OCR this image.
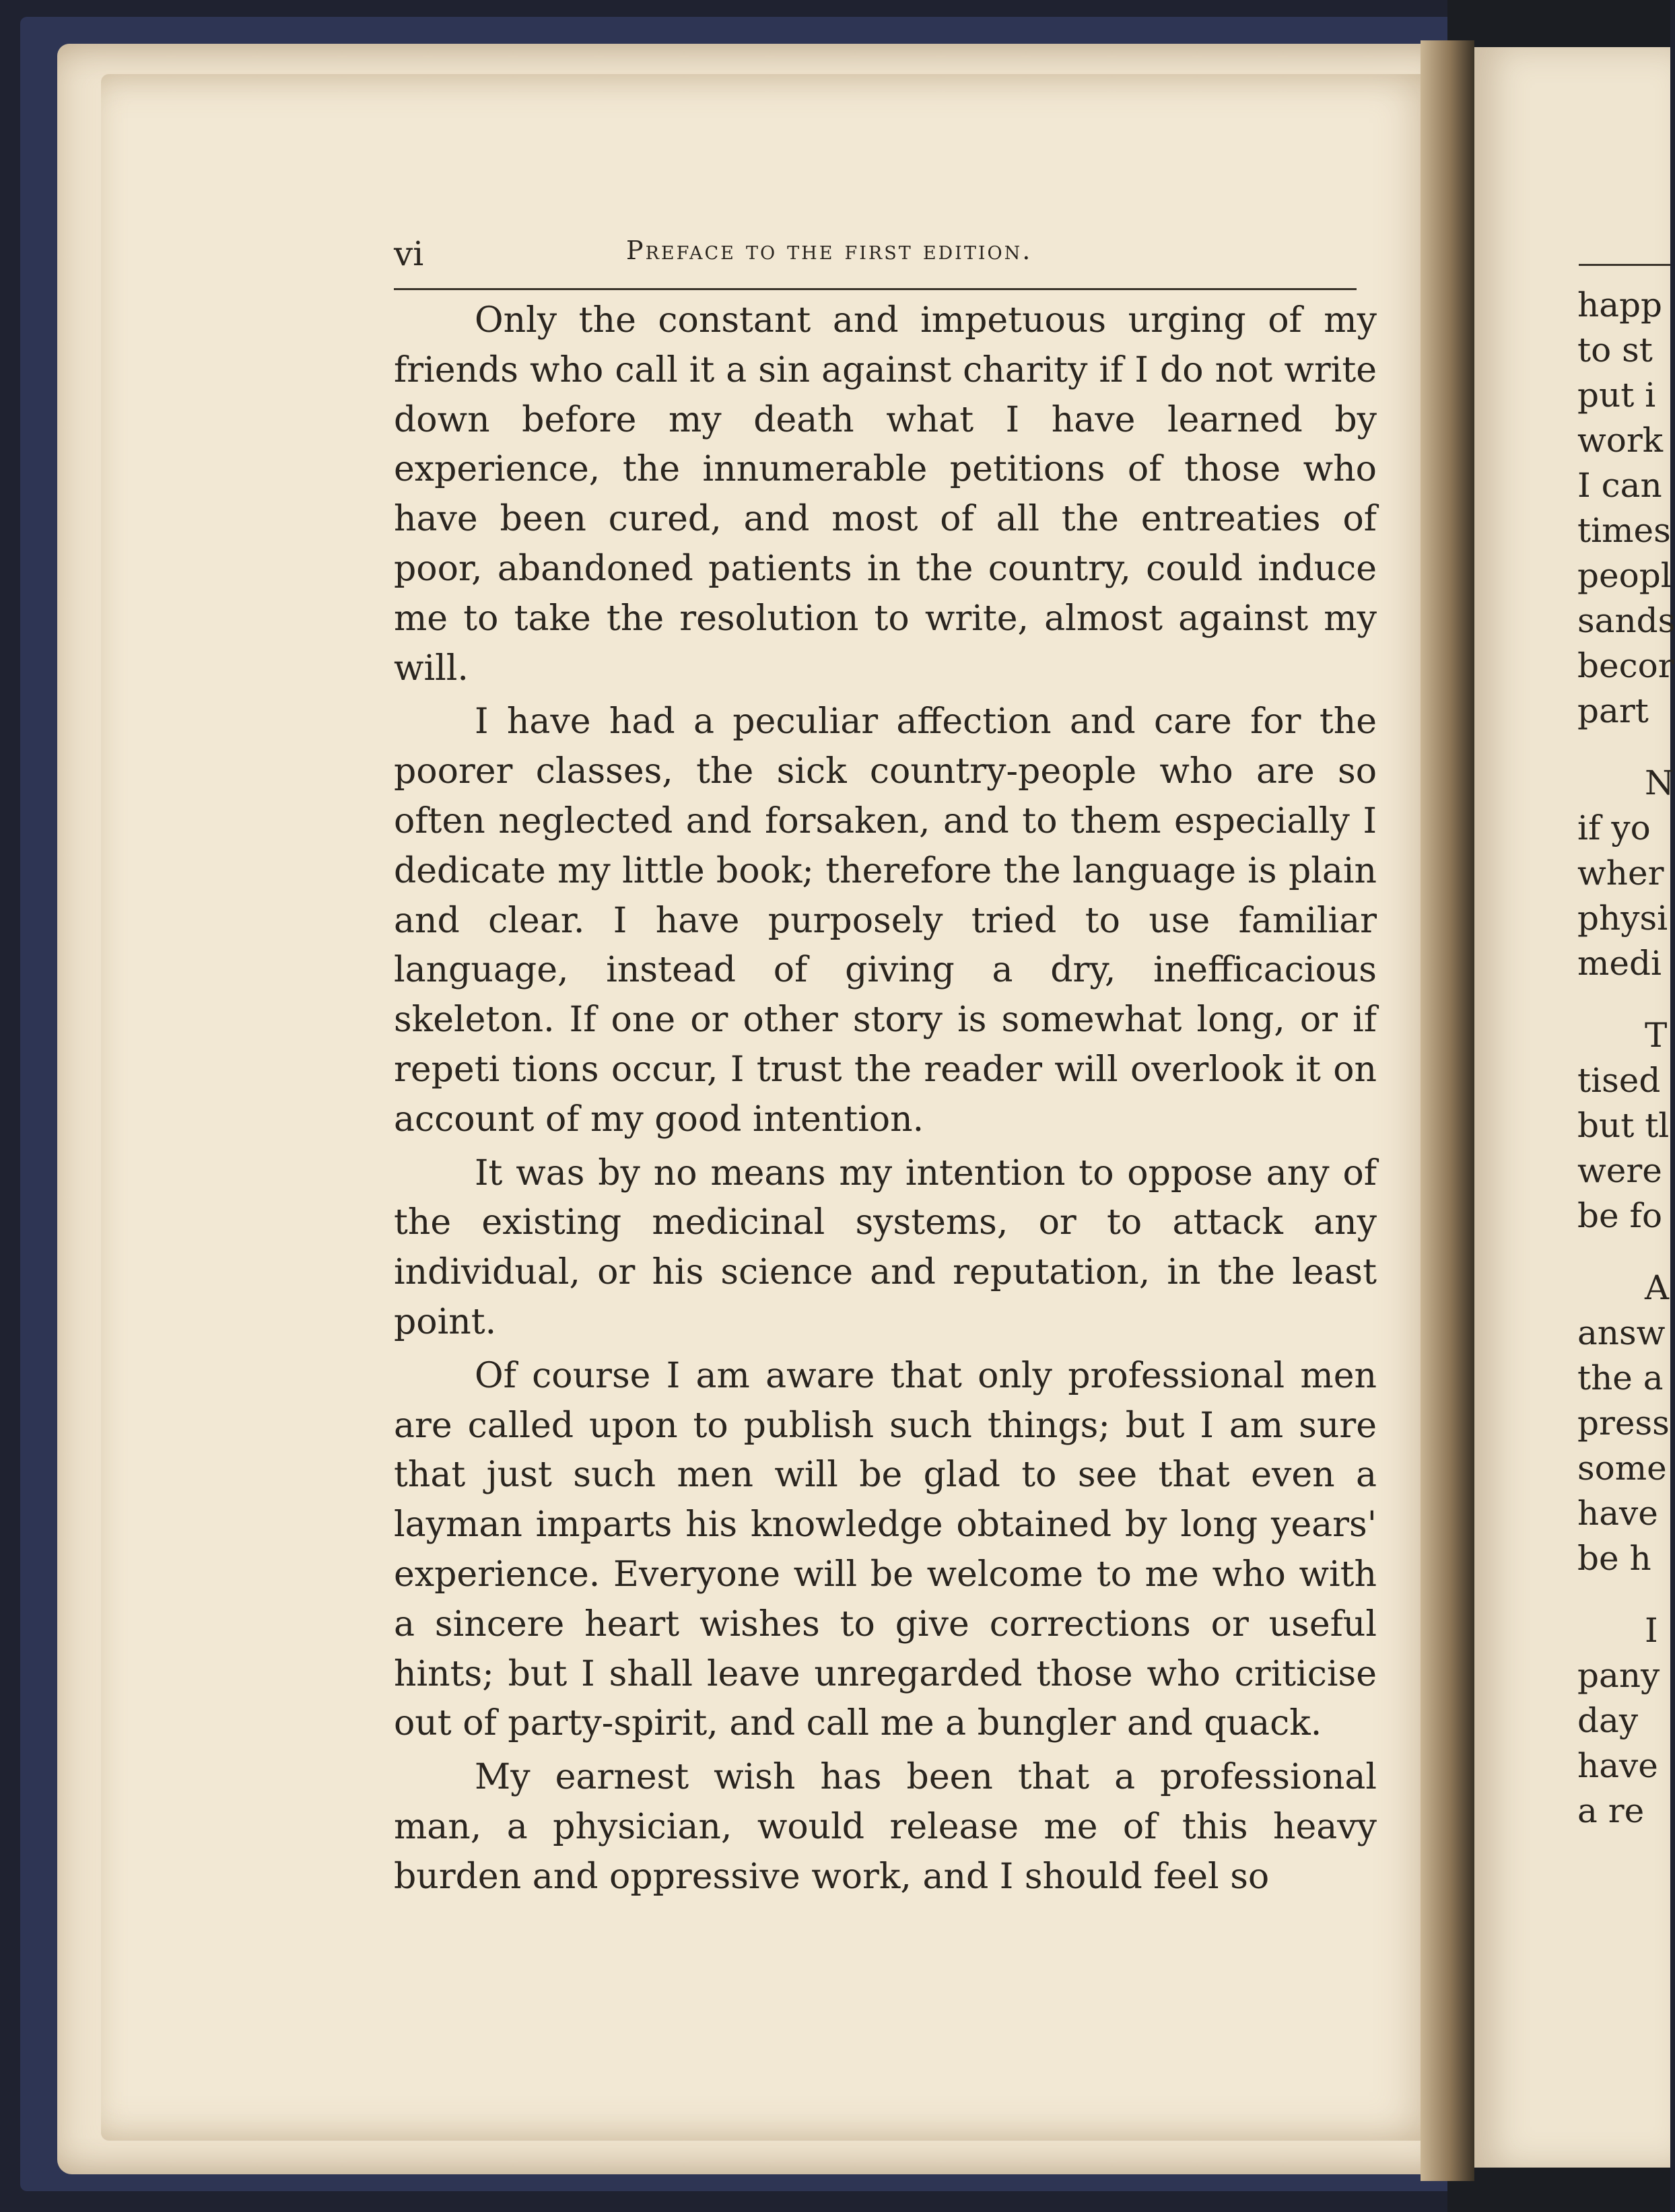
vi	Preface to the first edition.

Only the constant and impetuous urging of my friends who call it a sin against charity if I do not write down before my death what I have learned by experience, the innumerable petitions of those who have been cured, and most of all the entreaties of poor, abandoned patients in the country, could induce me to take the resolution to write, almost against my will.

I have had a peculiar affection and care for the poorer classes, the sick country-people who are so often neglected and forsaken, and to them especially I dedicate my little book; therefore the language is plain and clear. I have purposely tried to use familiar language, instead of giving a dry, inefficacious skeleton. If one or other story is somewhat long, or if repeti tions occur, I trust the reader will overlook it on account of my good intention.

It was by no means my intention to oppose any of the existing medicinal systems, or to attack any individual, or his science and reputation, in the least point.

Of course I am aware that only professional men are called upon to publish such things; but I am sure that just such men will be glad to see that even a layman imparts his knowledge obtained by long years' experience. Everyone will be welcome to me who with a sincere heart wishes to give corrections or useful hints; but I shall leave unregarded those who criticise out of party-spirit, and call me a bungler and quack.

My earnest wish has been that a professional man, a physician, would release me of this heavy burden and oppressive work, and I should feel so

happ
to st
put i
work
I can
times
peopl
sands
becor
part
N
if yo
wher
physi
medi
T
tised
but tl
were
be fo
A
answ
the a
press
some
have
be h
I
pany
day
have
a re
